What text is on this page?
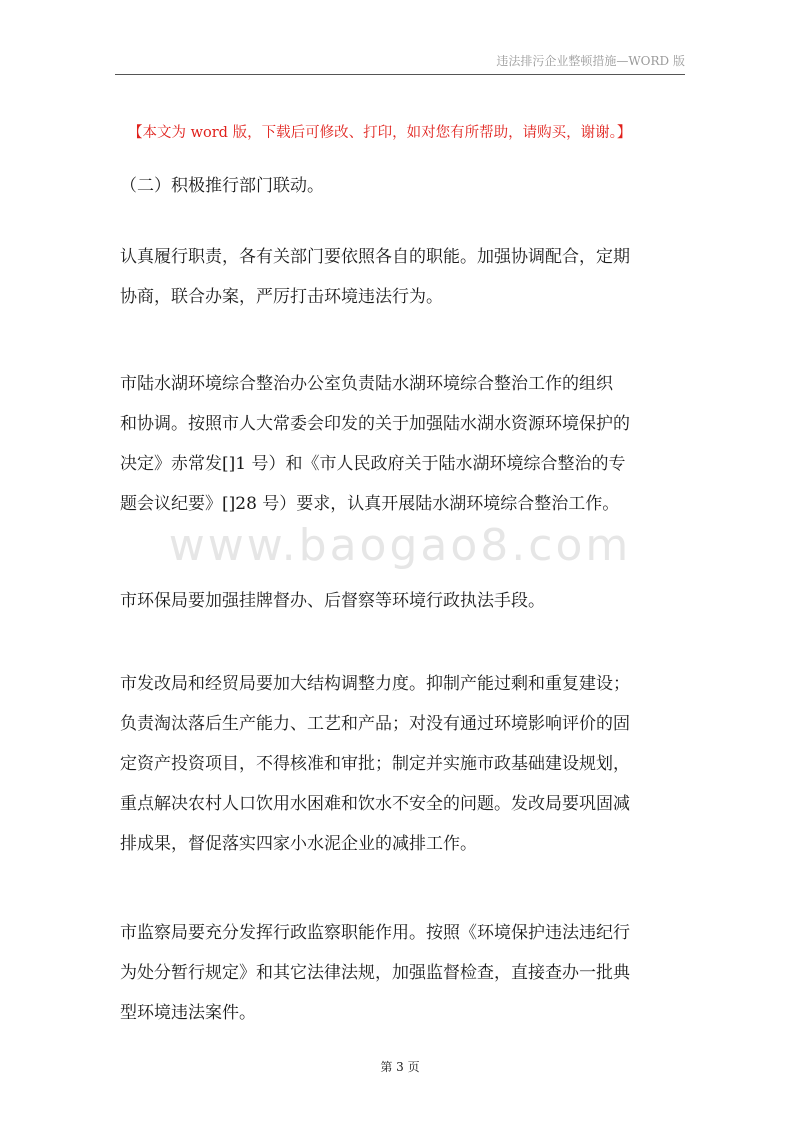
违法排污企业整顿措施—WORD 版
【本文为 word 版，下载后可修改、打印，如对您有所帮助，请购买，谢谢。】
（二）积极推行部门联动。
认真履行职责，各有关部门要依照各自的职能。加强协调配合，定期
协商，联合办案，严厉打击环境违法行为。
市陆水湖环境综合整治办公室负责陆水湖环境综合整治工作的组织
和协调。按照市人大常委会印发的关于加强陆水湖水资源环境保护的
决定》赤常发[]1 号）和《市人民政府关于陆水湖环境综合整治的专
题会议纪要》[]28 号）要求，认真开展陆水湖环境综合整治工作。
www.baogao8.com
市环保局要加强挂牌督办、后督察等环境行政执法手段。
市发改局和经贸局要加大结构调整力度。抑制产能过剩和重复建设；
负责淘汰落后生产能力、工艺和产品；对没有通过环境影响评价的固
定资产投资项目，不得核准和审批；制定并实施市政基础建设规划，
重点解决农村人口饮用水困难和饮水不安全的问题。发改局要巩固减
排成果，督促落实四家小水泥企业的减排工作。
市监察局要充分发挥行政监察职能作用。按照《环境保护违法违纪行
为处分暂行规定》和其它法律法规，加强监督检查，直接查办一批典
型环境违法案件。
第 3 页
